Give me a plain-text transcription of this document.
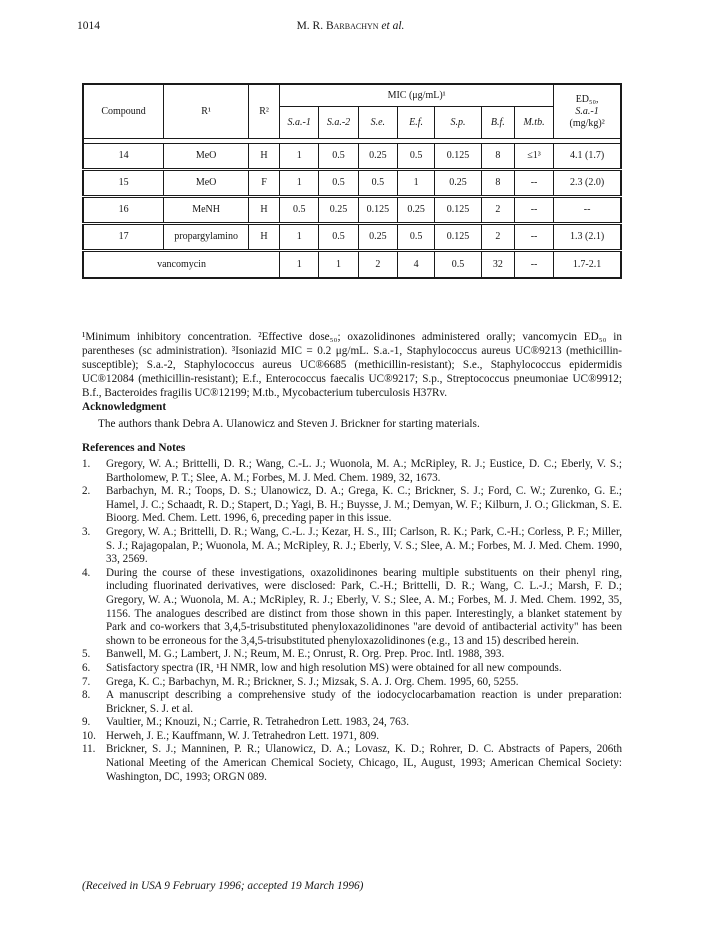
1014	M. R. Barbachyn et al.
Compound	R¹	R²	MIC (μg/mL)¹							ED₅₀,
S.a.-1
(mg/kg)²

			S.a.-1	S.a.-2	S.e.	E.f.	S.p.	B.f.	M.tb.	

14	MeO	H	1	0.5	0.25	0.5	0.125	8	≤1³	4.1 (1.7)
15	MeO	F	1	0.5	0.5	1	0.25	8	--	2.3 (2.0)
16	MeNH	H	0.5	0.25	0.125	0.25	0.125	2	--	--
17	propargylamino	H	1	0.5	0.25	0.5	0.125	2	--	1.3 (2.1)
vancomycin			1	1	2	4	0.5	32	--	1.7-2.1
¹Minimum inhibitory concentration. ²Effective dose₅₀; oxazolidinones administered orally; vancomycin ED₅₀ in parentheses (sc administration). ³Isoniazid MIC = 0.2 μg/mL. S.a.-1, Staphylococcus aureus UC®9213 (methicillin-susceptible); S.a.-2, Staphylococcus aureus UC®6685 (methicillin-resistant); S.e., Staphylococcus epidermidis UC®12084 (methicillin-resistant); E.f., Enterococcus faecalis UC®9217; S.p., Streptococcus pneumoniae UC®9912; B.f., Bacteroides fragilis UC®12199; M.tb., Mycobacterium tuberculosis H37Rv.
Acknowledgment
The authors thank Debra A. Ulanowicz and Steven J. Brickner for starting materials.
References and Notes
1.	Gregory, W. A.; Brittelli, D. R.; Wang, C.-L. J.; Wuonola, M. A.; McRipley, R. J.; Eustice, D. C.; Eberly, V. S.; Bartholomew, P. T.; Slee, A. M.; Forbes, M. J. Med. Chem. 1989, 32, 1673.
2.	Barbachyn, M. R.; Toops, D. S.; Ulanowicz, D. A.; Grega, K. C.; Brickner, S. J.; Ford, C. W.; Zurenko, G. E.; Hamel, J. C.; Schaadt, R. D.; Stapert, D.; Yagi, B. H.; Buysse, J. M.; Demyan, W. F.; Kilburn, J. O.; Glickman, S. E. Bioorg. Med. Chem. Lett. 1996, 6, preceding paper in this issue.
3.	Gregory, W. A.; Brittelli, D. R.; Wang, C.-L. J.; Kezar, H. S., III; Carlson, R. K.; Park, C.-H.; Corless, P. F.; Miller, S. J.; Rajagopalan, P.; Wuonola, M. A.; McRipley, R. J.; Eberly, V. S.; Slee, A. M.; Forbes, M. J. Med. Chem. 1990, 33, 2569.
4.	During the course of these investigations, oxazolidinones bearing multiple substituents on their phenyl ring, including fluorinated derivatives, were disclosed: Park, C.-H.; Brittelli, D. R.; Wang, C. L.-J.; Marsh, F. D.; Gregory, W. A.; Wuonola, M. A.; McRipley, R. J.; Eberly, V. S.; Slee, A. M.; Forbes, M. J. Med. Chem. 1992, 35, 1156. The analogues described are distinct from those shown in this paper. Interestingly, a blanket statement by Park and co-workers that 3,4,5-trisubstituted phenyloxazolidinones "are devoid of antibacterial activity" has been shown to be erroneous for the 3,4,5-trisubstituted phenyloxazolidinones (e.g., 13 and 15) described herein.
5.	Banwell, M. G.; Lambert, J. N.; Reum, M. E.; Onrust, R. Org. Prep. Proc. Intl. 1988, 393.
6.	Satisfactory spectra (IR, ¹H NMR, low and high resolution MS) were obtained for all new compounds.
7.	Grega, K. C.; Barbachyn, M. R.; Brickner, S. J.; Mizsak, S. A. J. Org. Chem. 1995, 60, 5255.
8.	A manuscript describing a comprehensive study of the iodocyclocarbamation reaction is under preparation: Brickner, S. J. et al.
9.	Vaultier, M.; Knouzi, N.; Carrie, R. Tetrahedron Lett. 1983, 24, 763.
10. Herweh, J. E.; Kauffmann, W. J. Tetrahedron Lett. 1971, 809.
11. Brickner, S. J.; Manninen, P. R.; Ulanowicz, D. A.; Lovasz, K. D.; Rohrer, D. C. Abstracts of Papers, 206th National Meeting of the American Chemical Society, Chicago, IL, August, 1993; American Chemical Society: Washington, DC, 1993; ORGN 089.
(Received in USA 9 February 1996; accepted 19 March 1996)
